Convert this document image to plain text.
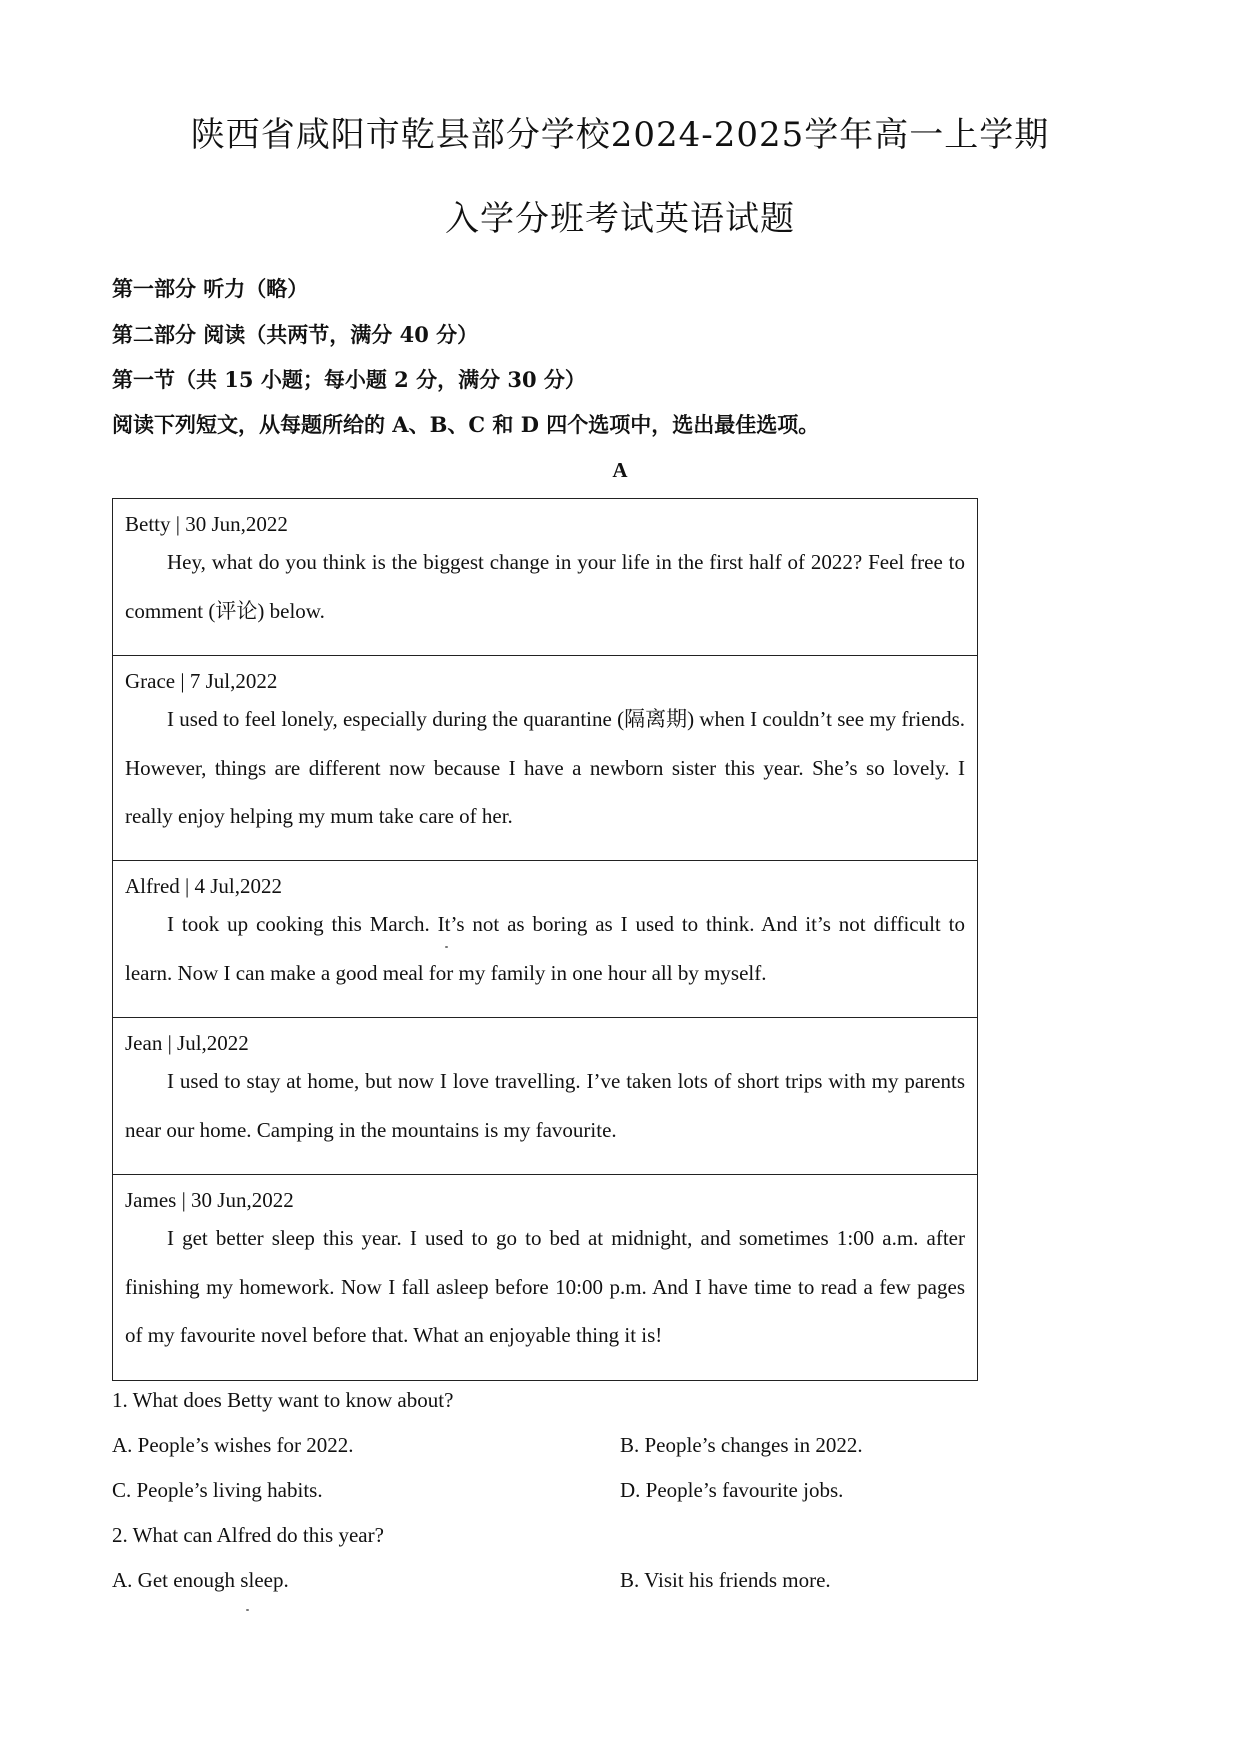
陕西省咸阳市乾县部分学校2024-2025学年高一上学期
入学分班考试英语试题
第一部分 听力（略）
第二部分 阅读（共两节，满分 40 分）
第一节（共 15 小题；每小题 2 分，满分 30 分）
阅读下列短文，从每题所给的 A、B、C 和 D 四个选项中，选出最佳选项。
A
Betty | 30 Jun,2022
Hey, what do you think is the biggest change in your life in the first half of 2022? Feel free to comment (评论) below.
Grace | 7 Jul,2022
I used to feel lonely, especially during the quarantine (隔离期) when I couldn’t see my friends. However, things are different now because I have a newborn sister this year. She’s so lovely. I really enjoy helping my mum take care of her.
Alfred | 4 Jul,2022
I took up cooking this March. It’s not as boring as I used to think. And it’s not difficult to learn. Now I can make a good meal for my family in one hour all by myself.
Jean | Jul,2022
I used to stay at home, but now I love travelling. I’ve taken lots of short trips with my parents near our home. Camping in the mountains is my favourite.
James | 30 Jun,2022
I get better sleep this year. I used to go to bed at midnight, and sometimes 1:00 a.m. after finishing my homework. Now I fall asleep before 10:00 p.m. And I have time to read a few pages of my favourite novel before that. What an enjoyable thing it is!
1. What does Betty want to know about?
A. People’s wishes for 2022.	B. People’s changes in 2022.
C. People’s living habits.	D. People’s favourite jobs.
2. What can Alfred do this year?
A. Get enough sleep.	B. Visit his friends more.
